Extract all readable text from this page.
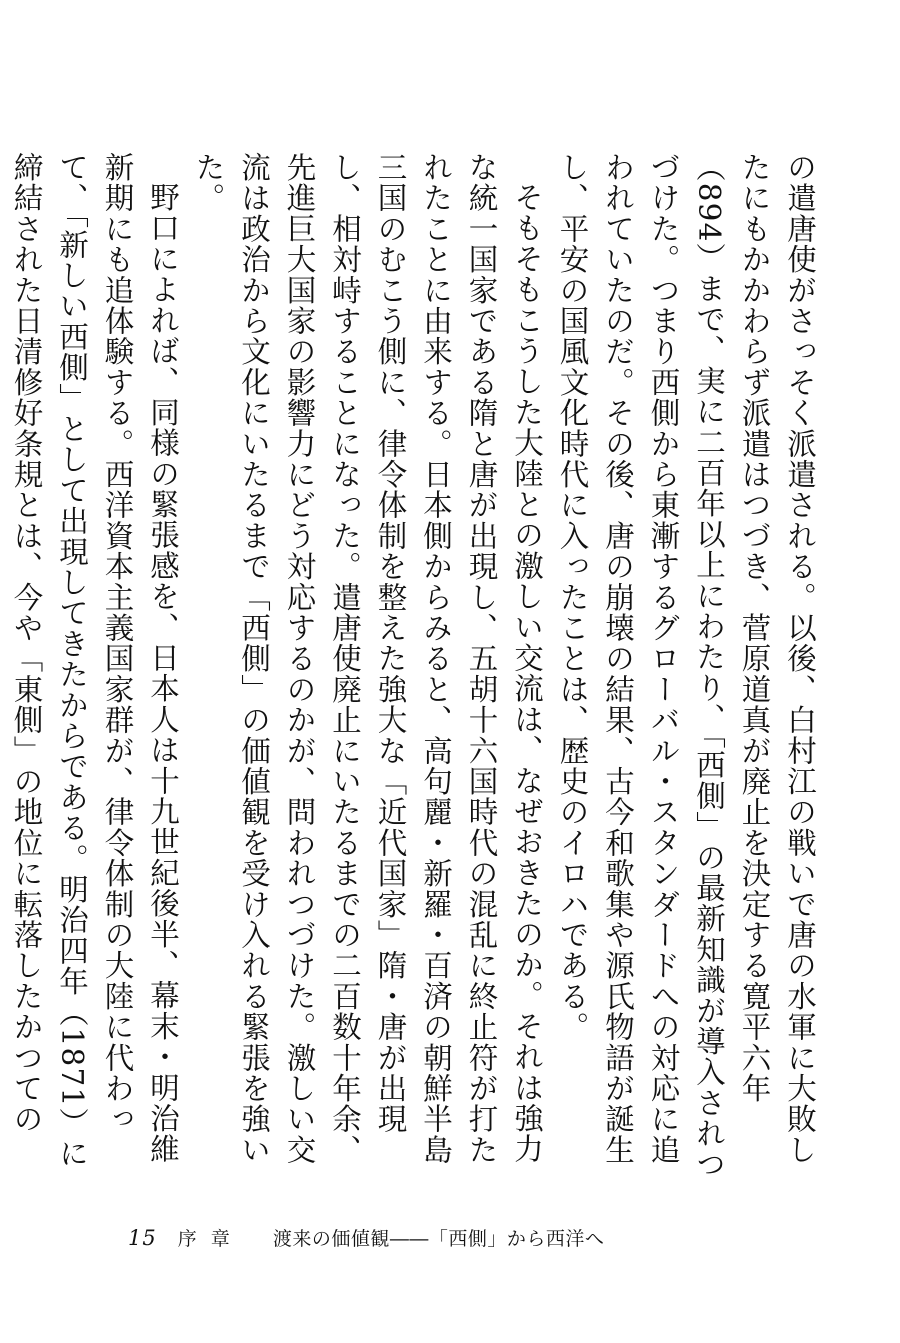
の遣唐使がさっそく派遣される。以後、白村江の戦いで唐の水軍に大敗したにもかかわらず派遣はつづき、菅原道真が廃止を決定する寛平六年（894）まで、実に二百年以上にわたり、「西側」の最新知識が導入されつづけた。つまり西側から東漸するグローバル・スタンダードへの対応に追われていたのだ。その後、唐の崩壊の結果、古今和歌集や源氏物語が誕生し、平安の国風文化時代に入ったことは、歴史のイロハである。

そもそもこうした大陸との激しい交流は、なぜおきたのか。それは強力な統一国家である隋と唐が出現し、五胡十六国時代の混乱に終止符が打たれたことに由来する。日本側からみると、高句麗・新羅・百済の朝鮮半島三国のむこう側に、律令体制を整えた強大な「近代国家」隋・唐が出現し、相対峙することになった。遣唐使廃止にいたるまでの二百数十年余、先進巨大国家の影響力にどう対応するのかが、問われつづけた。激しい交流は政治から文化にいたるまで「西側」の価値観を受け入れる緊張を強いた。

野口によれば、同様の緊張感を、日本人は十九世紀後半、幕末・明治維新期にも追体験する。西洋資本主義国家群が、律令体制の大陸に代わって、「新しい西側」として出現してきたからである。明治四年（1871）に締結された日清修好条規とは、今や「東側」の地位に転落したかつての

15 序章 渡来の価値観――「西側」から西洋へ
